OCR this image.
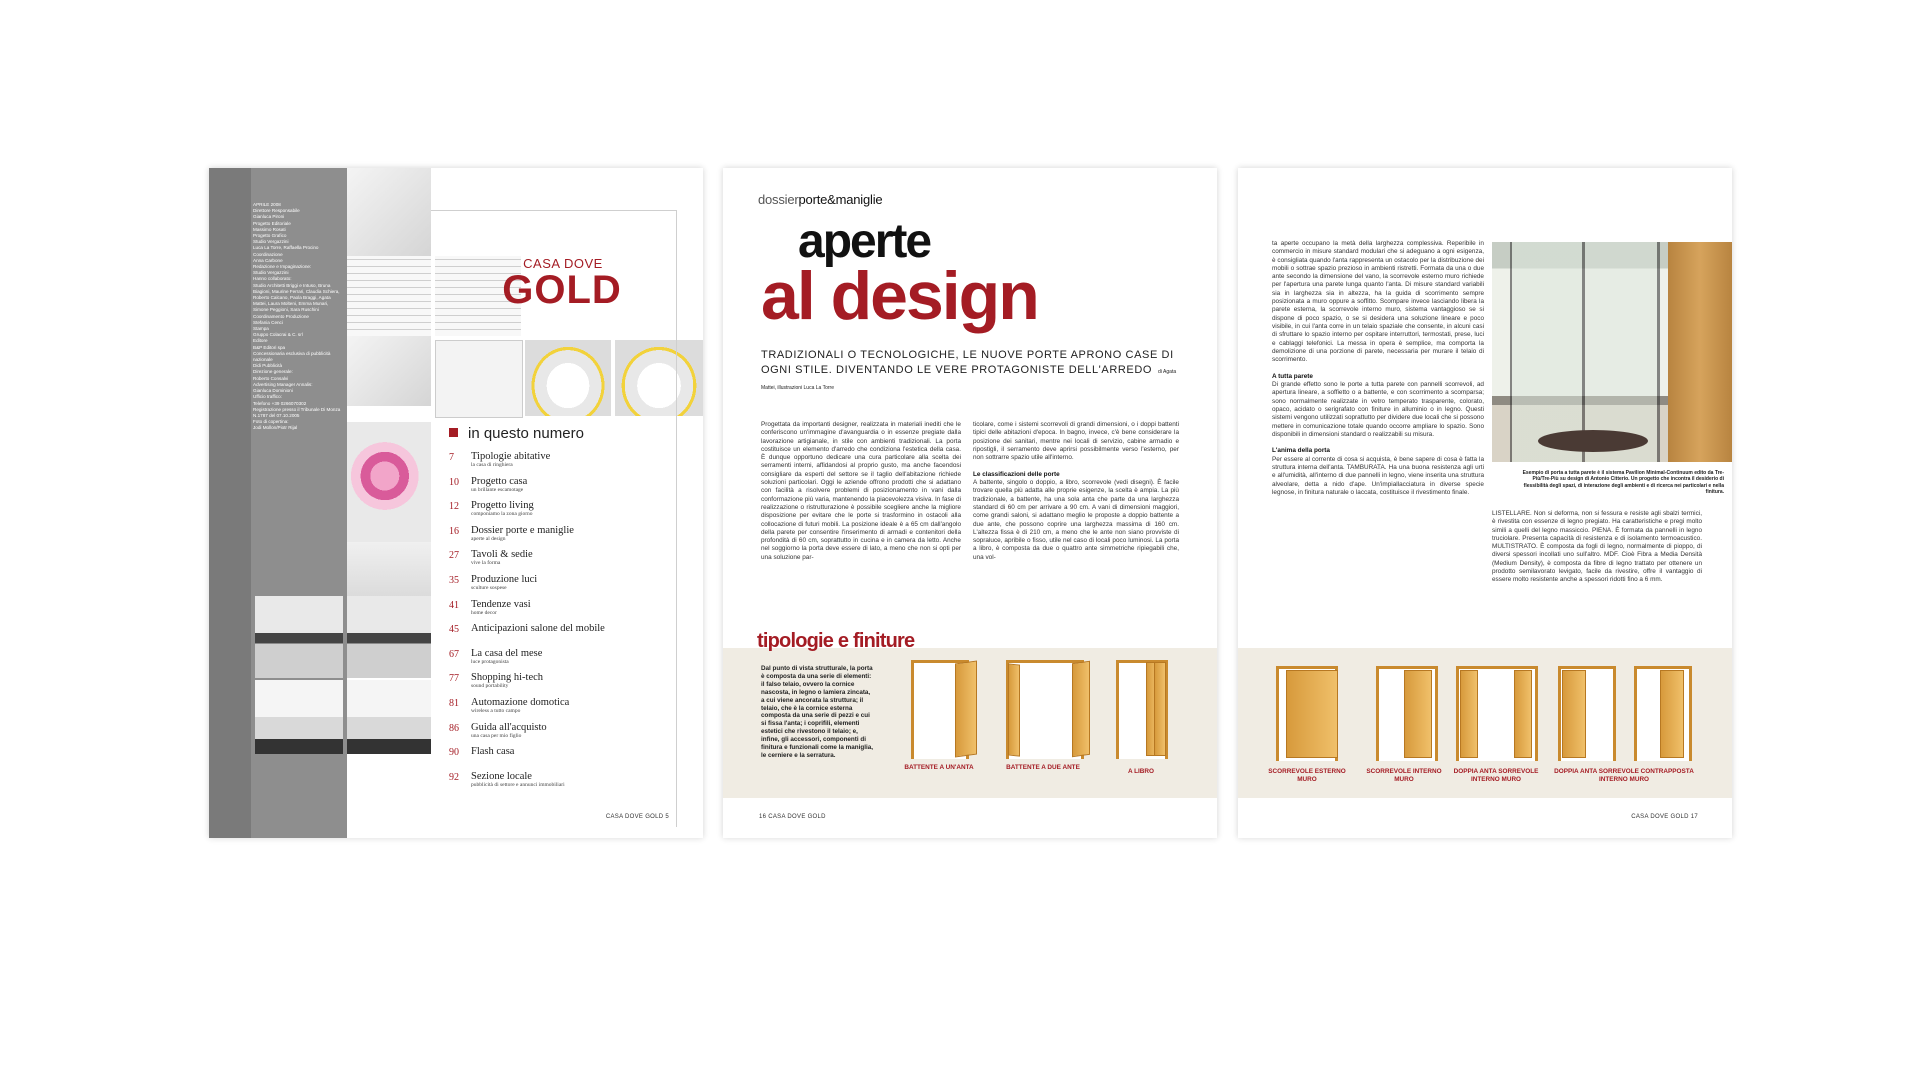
APRILE 2008
Direttore Responsabile
Gianluca Pironi
Progetto Editoriale
Massimo Rosati
Progetto Grafico
Studio Vergazzini
Luca La Torre, Raffaella Procino
Coordinazione
Anna Carbone
Redazione e Impaginazione:
Studio Vergazzini
Hanno collaborato:
Studio Architetti Briggi e Intuso, Bruna Biagioni, Maurine Ferrari, Claudia Schiera, Roberto Calcano, Paola Braggi, Agata Mattei, Laura Molteni, Emma Munari, Simone Peggioni, Sara Ruschini
Coordinamento Produzione
Stefania Cenci
Stampa
Gruppo Colacrai & C. srl
Editore
B&P Editori spa
Concessionaria esclusiva di pubblicità nazionale
Didi Pubblicità
Direzione generale:
Roberto Consalvi
Advertising Manager Annalis:
Gianluca Dominioni
Ufficio traffico:
Telefono +39 0266070302
Registrazione presso il Tribunale Di Monza N.1787 del 07.10.2005
Foto di copertina:
Jodi Mollon/Piotr Rijal
CASA DOVE
GOLD
in questo numero
7	Tipologie abitative
la casa di ringhiera
10	Progetto casa
un brillante escamotage
12	Progetto living
componiamo la zona giorno
16	Dossier porte e maniglie
aperte al design
27	Tavoli & sedie
vive la forma
35	Produzione luci
sculture sospese
41	Tendenze vasi
home decor
45	Anticipazioni salone del mobile
67	La casa del mese
luce protagonista
77	Shopping hi-tech
sound portability
81	Automazione domotica
wireless a tutto campo
86	Guida all'acquisto
una casa per mio figlio
90	Flash casa
92	Sezione locale
pubblicità di settore e annunci immobiliari
CASA DOVE GOLD 5
dossierporte&maniglie
aperte
al design
TRADIZIONALI O TECNOLOGICHE, LE NUOVE PORTE APRONO CASE DI OGNI STILE. DIVENTANDO LE VERE PROTAGONISTE DELL'ARREDO di Agata Mattei, illustrazioni Luca La Torre
Progettata da importanti designer, realizzata in materiali inediti che le conferiscono un'immagine d'avanguardia o in essenze pregiate dalla lavorazione artigianale, in stile con ambienti tradizionali. La porta costituisce un elemento d'arredo che condiziona l'estetica della casa. È dunque opportuno dedicare una cura particolare alla scelta dei serramenti interni, affidandosi al proprio gusto, ma anche facendosi consigliare da esperti del settore se il taglio dell'abitazione richiede soluzioni particolari. Oggi le aziende offrono prodotti che si adattano con facilità a risolvere problemi di posizionamento in vani dalla conformazione più varia, mantenendo la piacevolezza visiva. In fase di realizzazione o ristrutturazione è possibile scegliere anche la migliore disposizione per evitare che le porte si trasformino in ostacoli alla collocazione di futuri mobili. La posizione ideale è a 65 cm dall'angolo della parete per consentire l'inserimento di armadi e contenitori della profondità di 60 cm, soprattutto in cucina e in camera da letto. Anche nel soggiorno la porta deve essere di lato, a meno che non si opti per una soluzione par-
ticolare, come i sistemi scorrevoli di grandi dimensioni, o i doppi battenti tipici delle abitazioni d'epoca. In bagno, invece, c'è bene considerare la posizione dei sanitari, mentre nei locali di servizio, cabine armadio e ripostigli, il serramento deve aprirsi possibilmente verso l'esterno, per non sottrarre spazio utile all'interno.

Le classificazioni delle porte
A battente, singolo o doppio, a libro, scorrevole (vedi disegni). È facile trovare quella più adatta alle proprie esigenze, la scelta è ampia. La più tradizionale, a battente, ha una sola anta che parte da una larghezza standard di 60 cm per arrivare a 90 cm. A vani di dimensioni maggiori, come grandi saloni, si adattano meglio le proposte a doppio battente a due ante, che possono coprire una larghezza massima di 160 cm. L'altezza fissa è di 210 cm, a meno che le ante non siano provviste di sopraluce, apribile o fisso, utile nel caso di locali poco luminosi. La porta a libro, è composta da due o quattro ante simmetriche ripiegabili che, una vol-
tipologie e finiture
Dal punto di vista strutturale, la porta è composta da una serie di elementi: il falso telaio, ovvero la cornice nascosta, in legno o lamiera zincata, a cui viene ancorata la struttura; il telaio, che è la cornice esterna composta da una serie di pezzi e cui si fissa l'anta; i coprifili, elementi estetici che rivestono il telaio; e, infine, gli accessori, componenti di finitura e funzionali come la maniglia, le cerniere e la serratura.
BATTENTE A UN'ANTA	BATTENTE A DUE ANTE
A LIBRO
16 CASA DOVE GOLD
ta aperte occupano la metà della larghezza complessiva. Reperibile in commercio in misure standard modulari che si adeguano a ogni esigenza, è consigliata quando l'anta rappresenta un ostacolo per la distribuzione dei mobili o sottrae spazio prezioso in ambienti ristretti. Formata da una o due ante secondo la dimensione del vano, la scorrevole esterno muro richiede per l'apertura una parete lunga quanto l'anta. Di misure standard variabili sia in larghezza sia in altezza, ha la guida di scorrimento sempre posizionata a muro oppure a soffitto. Scompare invece lasciando libera la parete esterna, la scorrevole interno muro, sistema vantaggioso se si dispone di poco spazio, o se si desidera una soluzione lineare e poco visibile, in cui l'anta corre in un telaio spaziale che consente, in alcuni casi di sfruttare lo spazio interno per ospitare interruttori, termostati, prese, luci e cablaggi telefonici. La messa in opera è semplice, ma comporta la demolizione di una porzione di parete, necessaria per murare il telaio di scorrimento.

A tutta parete
Di grande effetto sono le porte a tutta parete con pannelli scorrevoli, ad apertura lineare, a soffietto o a battente, e con scorrimento a scomparsa; sono normalmente realizzate in vetro temperato trasparente, colorato, opaco, acidato o serigrafato con finiture in alluminio o in legno. Questi sistemi vengono utilizzati soprattutto per dividere due locali che si possono mettere in comunicazione totale quando occorre ampliare lo spazio. Sono disponibili in dimensioni standard o realizzabili su misura.

L'anima della porta
Per essere al corrente di cosa si acquista, è bene sapere di cosa è fatta la struttura interna dell'anta. TAMBURATA. Ha una buona resistenza agli urti e all'umidità, all'interno di due pannelli in legno, viene inserita una struttura alveolare, detta a nido d'ape. Un'impiallacciatura in diverse specie legnose, in finitura naturale o laccata, costituisce il rivestimento finale.
Esempio di porta a tutta parete è il sistema Pavilion Minimal-Continuum edito da Tre-Più/Tre-Più su design di Antonio Citterio. Un progetto che incontra il desiderio di flessibilità degli spazi, di interazione degli ambienti e di ricerca nei particolari e nella finitura.
LISTELLARE. Non si deforma, non si fessura e resiste agli sbalzi termici, è rivestita con essenze di legno pregiato. Ha caratteristiche e pregi molto simili a quelli del legno massiccio. PIENA. È formata da pannelli in legno truciolare. Presenta capacità di resistenza e di isolamento termoacustico. MULTISTRATO. È composta da fogli di legno, normalmente di pioppo, di diversi spessori incollati uno sull'altro. MDF. Cioè Fibra a Media Densità (Medium Density), è composta da fibre di legno trattato per ottenere un prodotto semilavorato levigato, facile da rivestire, offre il vantaggio di essere molto resistente anche a spessori ridotti fino a 6 mm.
SCORREVOLE ESTERNO MURO
SCORREVOLE INTERNO MURO
DOPPIA ANTA SORREVOLE INTERNO MURO
DOPPIA ANTA SORREVOLE CONTRAPPOSTA INTERNO MURO
CASA DOVE GOLD 17
